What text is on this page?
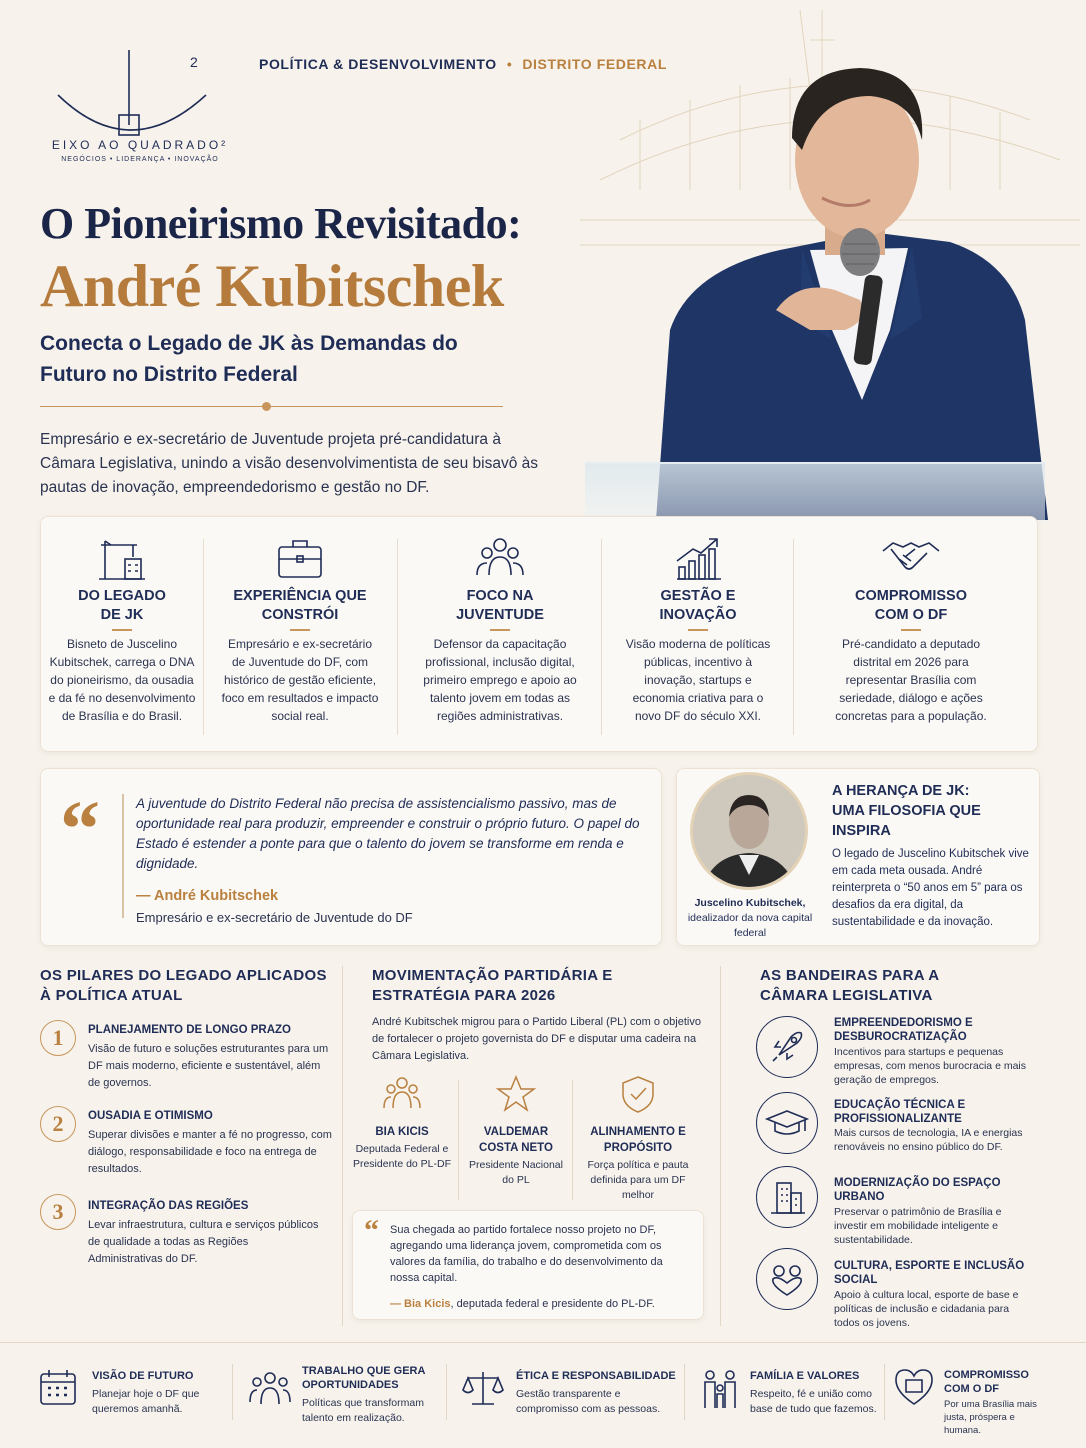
2
EIXO AO QUADRADO²
NEGÓCIOS • LIDERANÇA • INOVAÇÃO
POLÍTICA & DESENVOLVIMENTO • DISTRITO FEDERAL
O Pioneirismo Revisitado:
André Kubitschek
Conecta o Legado de JK às Demandas do Futuro no Distrito Federal
Empresário e ex-secretário de Juventude projeta pré-candidatura à Câmara Legislativa, unindo a visão desenvolvimentista de seu bisavô às pautas de inovação, empreendedorismo e gestão no DF.
DO LEGADO DE JK

Bisneto de Juscelino Kubitschek, carrega o DNA do pioneirismo, da ousadia e da fé no desenvolvimento de Brasília e do Brasil.

EXPERIÊNCIA QUE CONSTRÓI

Empresário e ex-secretário de Juventude do DF, com histórico de gestão eficiente, foco em resultados e impacto social real.

FOCO NA JUVENTUDE

Defensor da capacitação profissional, inclusão digital, primeiro emprego e apoio ao talento jovem em todas as regiões administrativas.

GESTÃO E INOVAÇÃO

Visão moderna de políticas públicas, incentivo à inovação, startups e economia criativa para o novo DF do século XXI.

COMPROMISSO COM O DF

Pré-candidato a deputado distrital em 2026 para representar Brasília com seriedade, diálogo e ações concretas para a população.

“	A juventude do Distrito Federal não precisa de assistencialismo passivo, mas de oportunidade real para produzir, empreender e construir o próprio futuro. O papel do Estado é estender a ponte para que o talento do jovem se transforme em renda e dignidade.
— André Kubitschek
Empresário e ex-secretário de Juventude do DF
Juscelino Kubitschek,
idealizador da nova capital federal
A HERANÇA DE JK: UMA FILOSOFIA QUE INSPIRA
O legado de Juscelino Kubitschek vive em cada meta ousada. André reinterpreta o “50 anos em 5” para os desafios da era digital, da sustentabilidade e da inovação.
OS PILARES DO LEGADO APLICADOS À POLÍTICA ATUAL
1	PLANEJAMENTO DE LONGO PRAZO
Visão de futuro e soluções estruturantes para um DF mais moderno, eficiente e sustentável, além de governos.
2	OUSADIA E OTIMISMO
Superar divisões e manter a fé no progresso, com diálogo, responsabilidade e foco na entrega de resultados.
3	INTEGRAÇÃO DAS REGIÕES
Levar infraestrutura, cultura e serviços públicos de qualidade a todas as Regiões Administrativas do DF.
MOVIMENTAÇÃO PARTIDÁRIA E ESTRATÉGIA PARA 2026
André Kubitschek migrou para o Partido Liberal (PL) com o objetivo de fortalecer o projeto governista do DF e disputar uma cadeira na Câmara Legislativa.
BIA KICIS
Deputada Federal e Presidente do PL-DF
VALDEMAR COSTA NETO
Presidente Nacional do PL
ALINHAMENTO E PROPÓSITO
Força política e pauta definida para um DF melhor
“ Sua chegada ao partido fortalece nosso projeto no DF, agregando uma liderança jovem, comprometida com os valores da família, do trabalho e do desenvolvimento da nossa capital.
— Bia Kicis, deputada federal e presidente do PL-DF.
AS BANDEIRAS PARA A CÂMARA LEGISLATIVA
EMPREENDEDORISMO E DESBUROCRATIZAÇÃO
Incentivos para startups e pequenas empresas, com menos burocracia e mais geração de empregos.
EDUCAÇÃO TÉCNICA E PROFISSIONALIZANTE
Mais cursos de tecnologia, IA e energias renováveis no ensino público do DF.
MODERNIZAÇÃO DO ESPAÇO URBANO
Preservar o patrimônio de Brasília e investir em mobilidade inteligente e sustentabilidade.
CULTURA, ESPORTE E INCLUSÃO SOCIAL
Apoio à cultura local, esporte de base e políticas de inclusão e cidadania para todos os jovens.
VISÃO DE FUTURO
Planejar hoje o DF que queremos amanhã.
TRABALHO QUE GERA OPORTUNIDADES
Políticas que transformam talento em realização.
ÉTICA E RESPONSABILIDADE
Gestão transparente e compromisso com as pessoas.
FAMÍLIA E VALORES
Respeito, fé e união como base de tudo que fazemos.
COMPROMISSO COM O DF
Por uma Brasília mais justa, próspera e humana.
